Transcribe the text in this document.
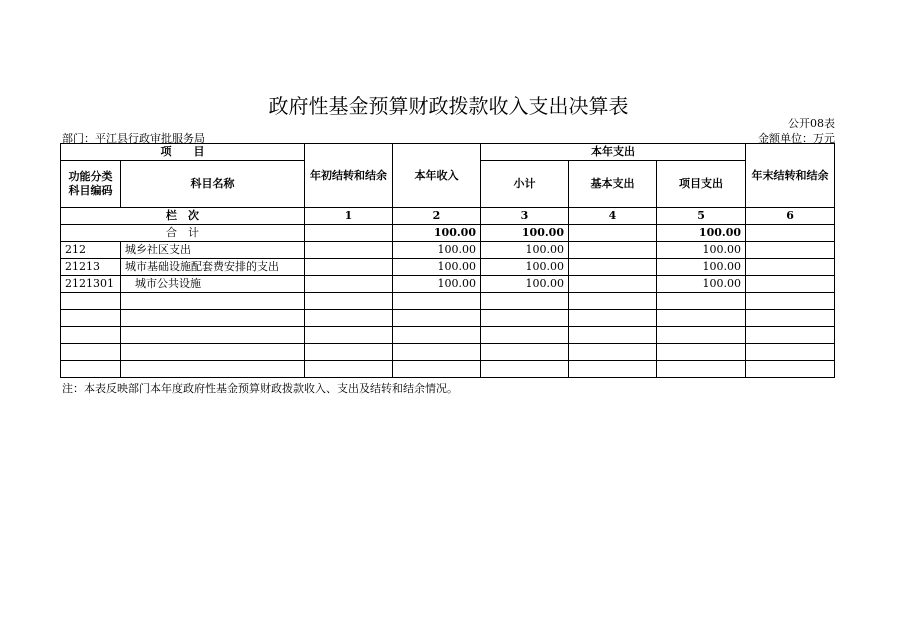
政府性基金预算财政拨款收入支出决算表
公开08表
部门：平江县行政审批服务局	金额单位：万元
项　　目		年初结转和结余	本年收入	本年支出			年末结转和结余
功能分类
科目编码	科目名称			小计	基本支出	项目支出	
栏　次		1	2	3	4	5	6
合　计			100.00	100.00		100.00	
212	城乡社区支出		100.00	100.00		100.00	
21213	城市基础设施配套费安排的支出		100.00	100.00		100.00	
2121301	城市公共设施		100.00	100.00		100.00	

注：本表反映部门本年度政府性基金预算财政拨款收入、支出及结转和结余情况。
